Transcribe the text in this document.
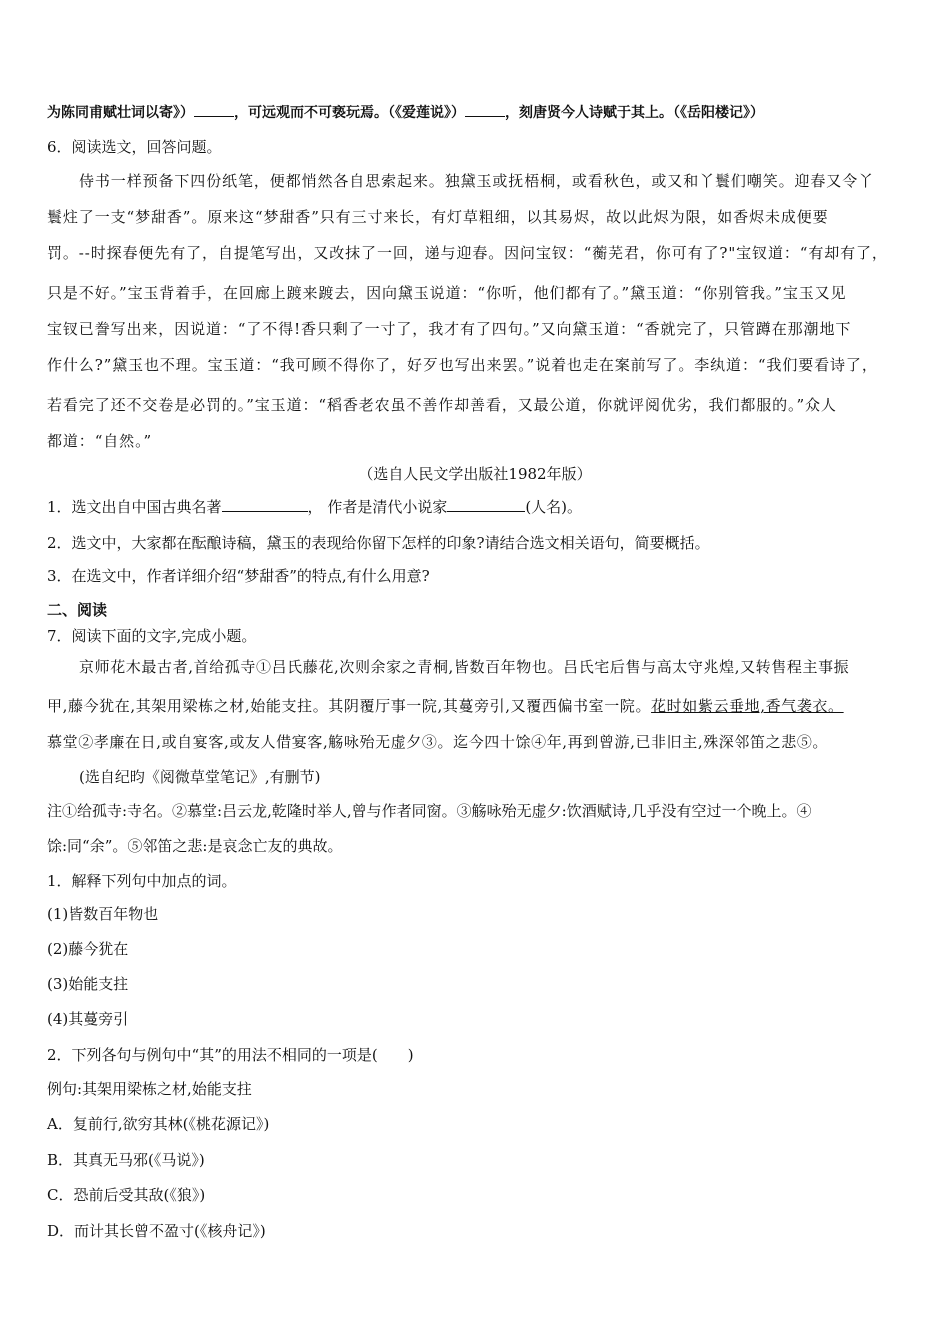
为陈同甫赋壮词以寄》）	，可远观而不可亵玩焉。（《爱莲说》）	，刻唐贤今人诗赋于其上。（《岳阳楼记》）
6．阅读选文，回答问题。
侍书一样预备下四份纸笔，便都悄然各自思索起来。独黛玉或抚梧桐，或看秋色，或又和丫鬟们嘲笑。迎春又令丫
鬟炷了一支“梦甜香”。原来这“梦甜香”只有三寸来长，有灯草粗细，以其易烬，故以此烬为限，如香烬未成便要
罚。--时探春便先有了，自提笔写出，又改抹了一回，递与迎春。因问宝钗：“蘅芜君，你可有了?"宝钗道：“有却有了，
只是不好。”宝玉背着手，在回廊上踱来踱去，因向黛玉说道：“你听，他们都有了。”黛玉道：“你别管我。”宝玉又见
宝钗已誊写出来，因说道：“了不得!香只剩了一寸了，我才有了四句。”又向黛玉道：“香就完了，只管蹲在那潮地下
作什么?”黛玉也不理。宝玉道：“我可顾不得你了，好歹也写出来罢。”说着也走在案前写了。李纨道：“我们要看诗了，
若看完了还不交卷是必罚的。”宝玉道：“稻香老农虽不善作却善看，又最公道，你就评阅优劣，我们都服的。”众人
都道：“自然。”
（选自人民文学出版社1982年版）
1．选文出自中国古典名著	， 作者是清代小说家	(人名)。
2．选文中，大家都在酝酿诗稿，黛玉的表现给你留下怎样的印象?请结合选文相关语句，简要概括。
3．在选文中，作者详细介绍“梦甜香”的特点,有什么用意?
二、阅读
7．阅读下面的文字,完成小题。
京师花木最古者,首给孤寺①吕氏藤花,次则余家之青桐,皆数百年物也。吕氏宅后售与高太守兆煌,又转售程主事振
甲,藤今犹在,其架用梁栋之材,始能支拄。其阴覆厅事一院,其蔓旁引,又覆西偏书室一院。花时如紫云垂地,香气袭衣。
慕堂②孝廉在日,或自宴客,或友人借宴客,觞咏殆无虚夕③。迄今四十馀④年,再到曾游,已非旧主,殊深邻笛之悲⑤。
(选自纪昀《阅微草堂笔记》,有删节)
注①给孤寺:寺名。②慕堂:吕云龙,乾隆时举人,曾与作者同窗。③觞咏殆无虚夕:饮酒赋诗,几乎没有空过一个晚上。④
馀:同“余”。⑤邻笛之悲:是哀念亡友的典故。
1．解释下列句中加点的词。
(1)皆数百年物也
(2)藤今犹在
(3)始能支拄
(4)其蔓旁引
2．下列各句与例句中“其”的用法不相同的一项是(　　)
例句:其架用梁栋之材,始能支拄
A．复前行,欲穷其林(《桃花源记》)
B．其真无马邪(《马说》)
C．恐前后受其敌(《狼》)
D．而计其长曾不盈寸(《核舟记》)
